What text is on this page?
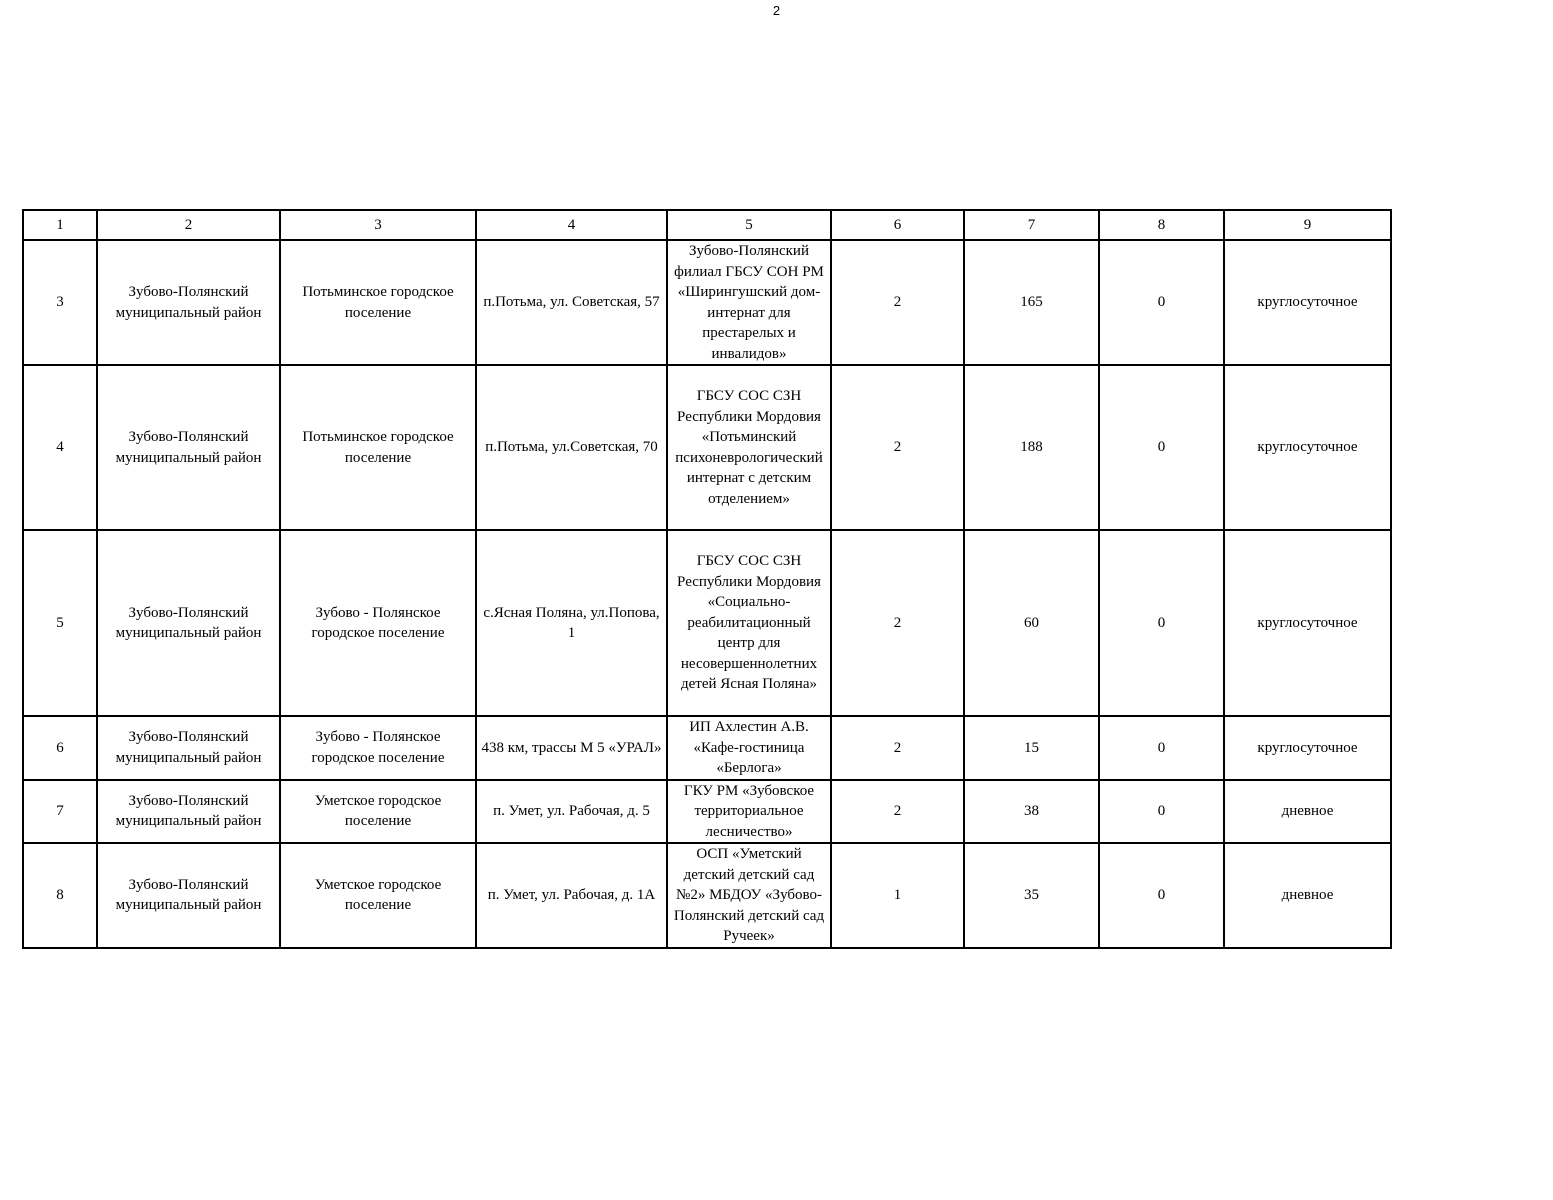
2
1	2	3	4	5	6	7	8	9
3	Зубово-Полянский муниципальный район	Потьминское городское поселение	п.Потьма, ул. Советская, 57	Зубово-Полянский филиал ГБСУ СОН РМ «Ширингушский дом-интернат для престарелых и инвалидов»	2	165	0	круглосуточное
4	Зубово-Полянский муниципальный район	Потьминское городское поселение	п.Потьма, ул.Советская, 70	ГБСУ СОС СЗН Республики Мордовия «Потьминский психоневрологический интернат с детским отделением»	2	188	0	круглосуточное
5	Зубово-Полянский муниципальный район	Зубово - Полянское городское поселение	с.Ясная Поляна, ул.Попова, 1	ГБСУ СОС СЗН Республики Мордовия «Социально-реабилитационный центр для несовершеннолетних детей Ясная Поляна»	2	60	0	круглосуточное
6	Зубово-Полянский муниципальный район	Зубово - Полянское городское поселение	438 км, трассы М 5 «УРАЛ»	ИП Ахлестин А.В. «Кафе-гостиница «Берлога»	2	15	0	круглосуточное
7	Зубово-Полянский муниципальный район	Уметское городское поселение	п. Умет, ул. Рабочая, д. 5	ГКУ РМ «Зубовское территориальное лесничество»	2	38	0	дневное
8	Зубово-Полянский муниципальный район	Уметское городское поселение	п. Умет, ул. Рабочая, д. 1А	ОСП «Уметский детский детский сад №2» МБДОУ «Зубово-Полянский детский сад Ручеек»	1	35	0	дневное
